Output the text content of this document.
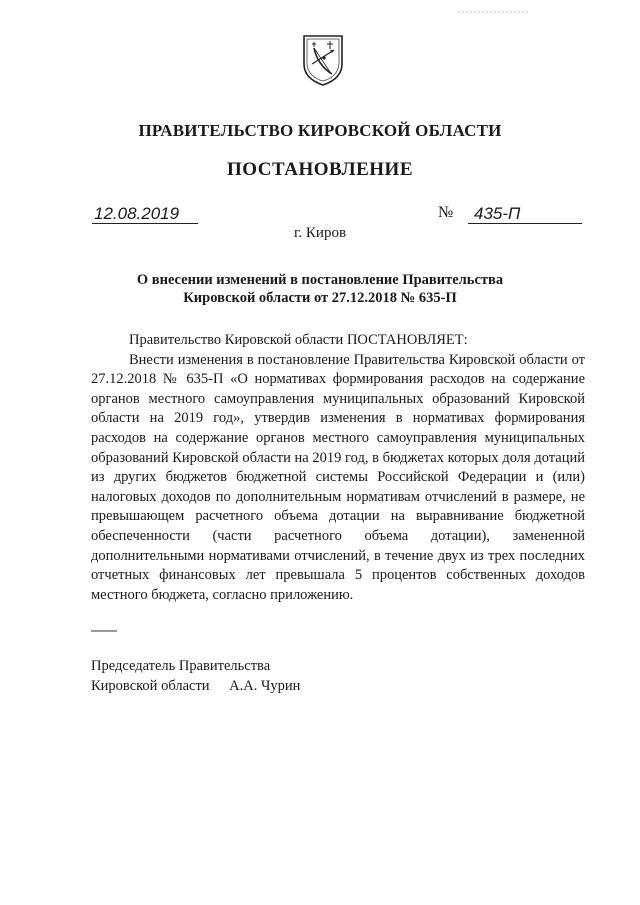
ПРАВИТЕЛЬСТВО КИРОВСКОЙ ОБЛАСТИ
ПОСТАНОВЛЕНИЕ
12.08.2019	№	435-П
г. Киров
О внесении изменений в постановление Правительства
Кировской области от 27.12.2018 № 635-П

Правительство Кировской области ПОСТАНОВЛЯЕТ:

Внести изменения в постановление Правительства Кировской области от 27.12.2018 № 635-П «О нормативах формирования расходов на содержание органов местного самоуправления муниципальных образований Кировской области на 2019 год», утвердив изменения в нормативах формирования расходов на содержание органов местного самоуправления муниципальных образований Кировской области на 2019 год, в бюджетах которых доля дотаций из других бюджетов бюджетной системы Российской Федерации и (или) налоговых доходов по дополнительным нормативам отчислений в размере, не превышающем расчетного объема дотации на выравнивание бюджетной обеспеченности (части расчетного объема дотации), замененной дополнительными нормативами отчислений, в течение двух из трех последних отчетных финансовых лет превышала 5 процентов собственных доходов местного бюджета, согласно приложению.

Председатель Правительства
Кировской области А.А. Чурин
